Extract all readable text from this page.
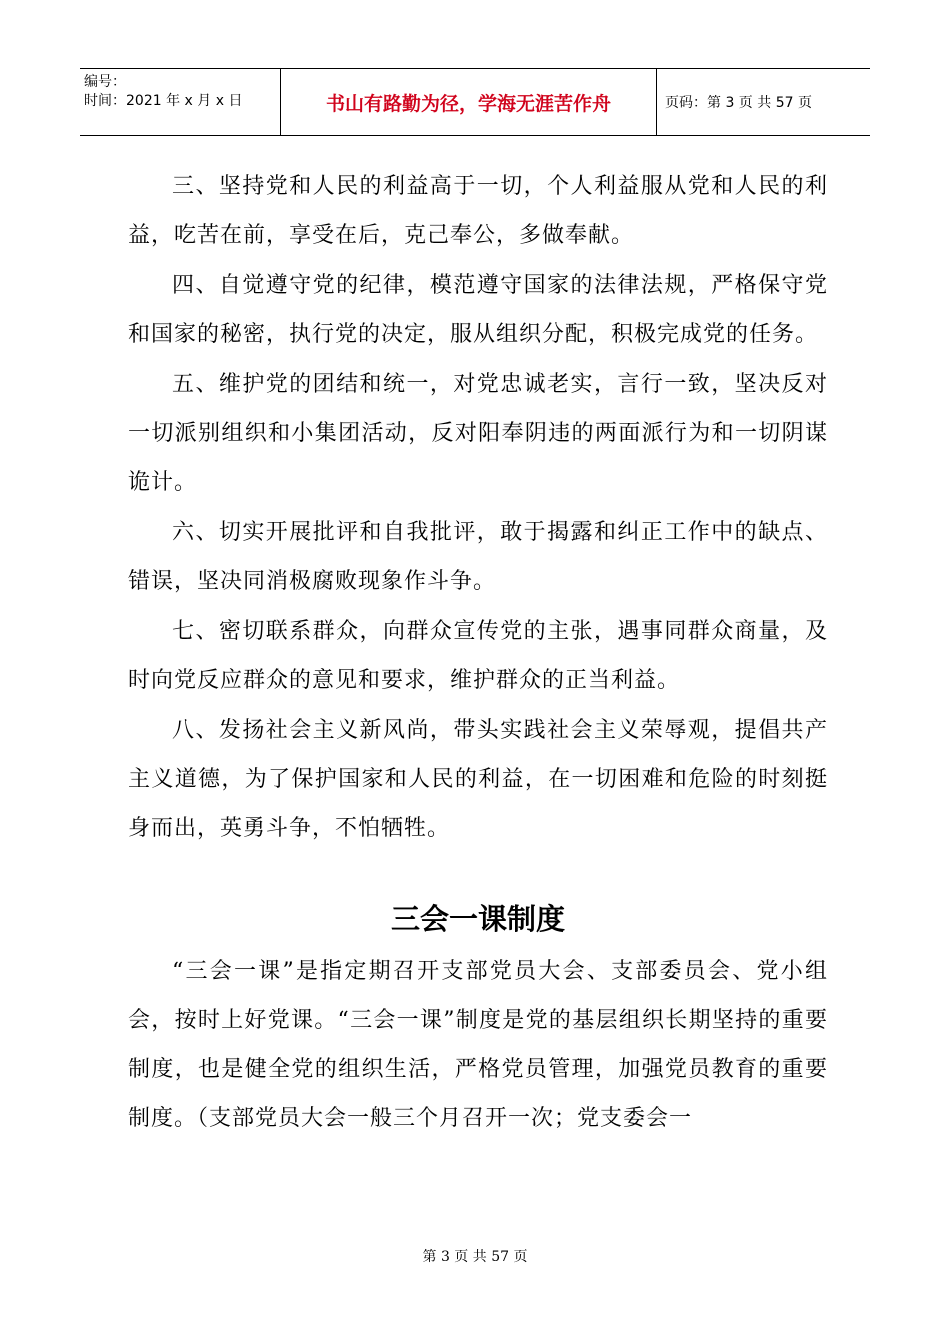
编号：
时间：2021 年 x 月 x 日	书山有路勤为径，学海无涯苦作舟	页码：第 3 页 共 57 页

三、坚持党和人民的利益高于一切，个人利益服从党和人民的利益，吃苦在前，享受在后，克己奉公，多做奉献。

四、自觉遵守党的纪律，模范遵守国家的法律法规，严格保守党和国家的秘密，执行党的决定，服从组织分配，积极完成党的任务。

五、维护党的团结和统一，对党忠诚老实，言行一致，坚决反对一切派别组织和小集团活动，反对阳奉阴违的两面派行为和一切阴谋诡计。

六、切实开展批评和自我批评，敢于揭露和纠正工作中的缺点、错误，坚决同消极腐败现象作斗争。

七、密切联系群众，向群众宣传党的主张，遇事同群众商量，及时向党反应群众的意见和要求，维护群众的正当利益。

八、发扬社会主义新风尚，带头实践社会主义荣辱观，提倡共产主义道德，为了保护国家和人民的利益，在一切困难和危险的时刻挺身而出，英勇斗争，不怕牺牲。

三会一课制度

“三会一课”是指定期召开支部党员大会、支部委员会、党小组会，按时上好党课。“三会一课”制度是党的基层组织长期坚持的重要制度，也是健全党的组织生活，严格党员管理，加强党员教育的重要制度。（支部党员大会一般三个月召开一次；党支委会一

第 3 页 共 57 页
